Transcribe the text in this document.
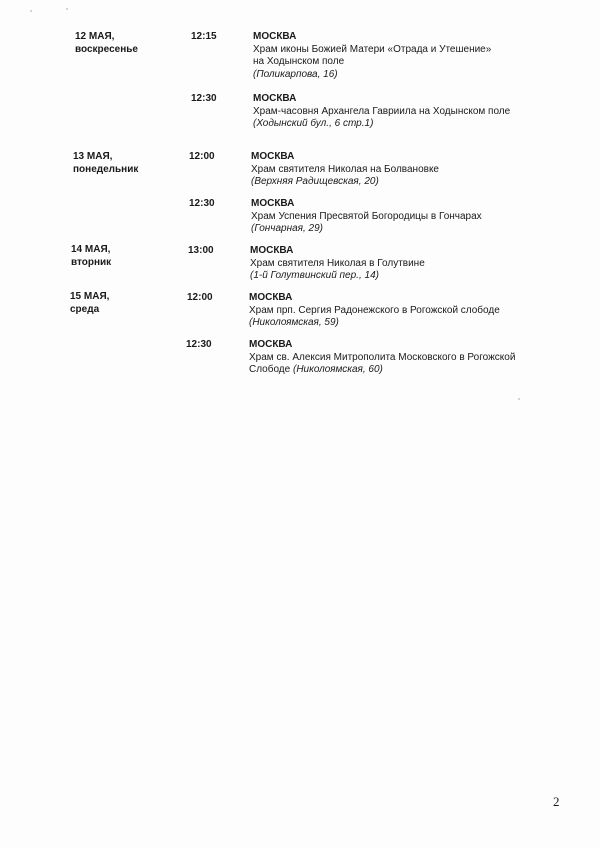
12 МАЯ,
воскресенье
12:15	МОСКВА
Храм иконы Божией Матери «Отрада и Утешение»
на Ходынском поле
(Поликарпова, 16)
12:30	МОСКВА
Храм-часовня Архангела Гавриила на Ходынском поле
(Ходынский бул., 6 стр.1)
13 МАЯ,
понедельник
12:00	МОСКВА
Храм святителя Николая на Болвановке
(Верхняя Радищевская, 20)
12:30	МОСКВА
Храм Успения Пресвятой Богородицы в Гончарах
(Гончарная, 29)
14 МАЯ,
вторник
13:00	МОСКВА
Храм святителя Николая в Голутвине
(1-й Голутвинский пер., 14)
15 МАЯ,
среда
12:00	МОСКВА
Храм прп. Сергия Радонежского в Рогожской слободе
(Николоямская, 59)
12:30	МОСКВА
Храм св. Алексия Митрополита Московского в Рогожской
Слободе (Николоямская, 60)
2
